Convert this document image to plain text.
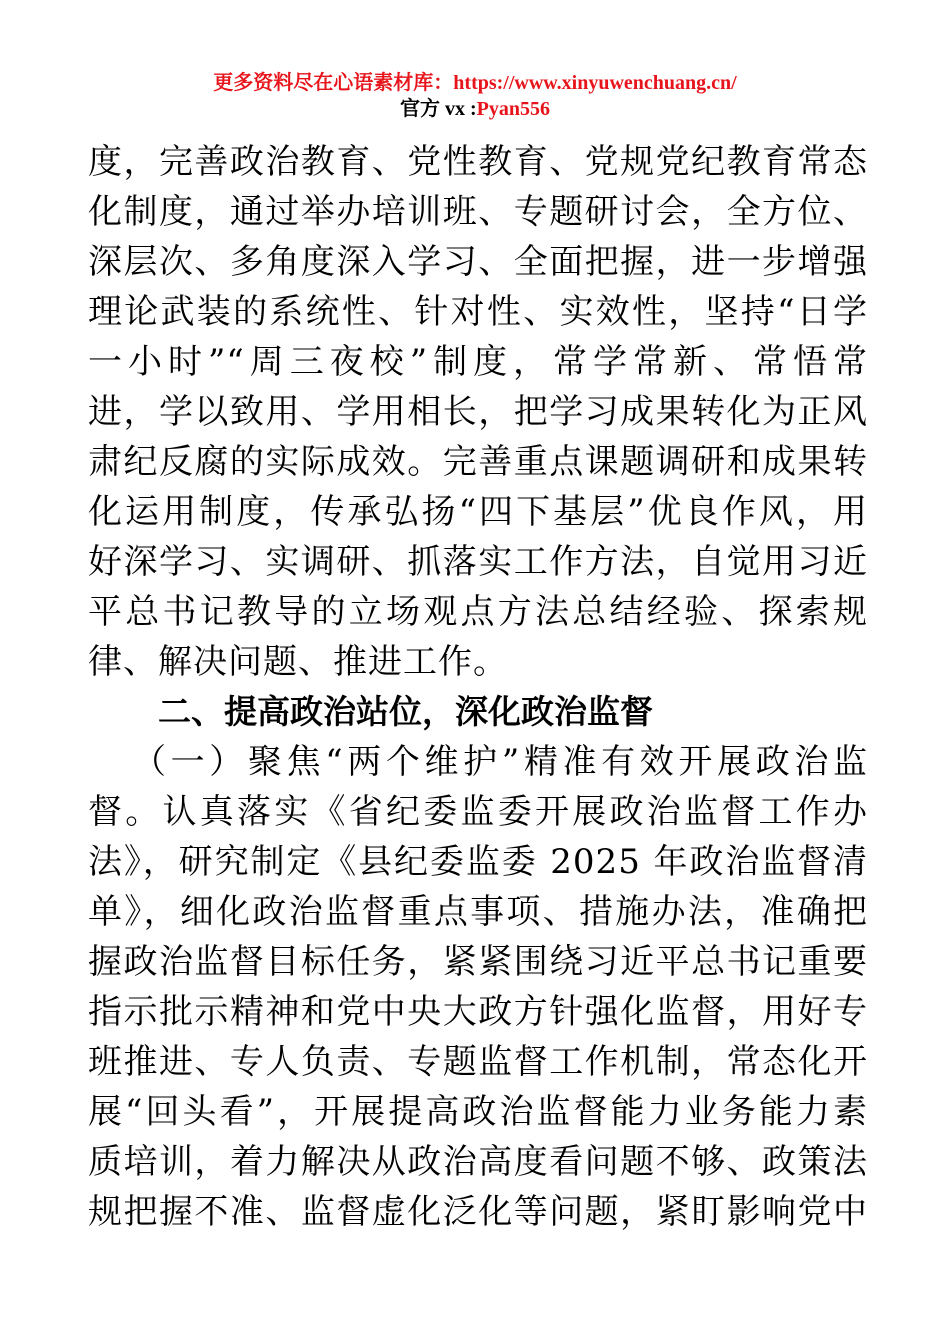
更多资料尽在心语素材库：https://www.xinyuwenchuang.cn/
官方 vx :Pyan556
度，完善政治教育、党性教育、党规党纪教育常态
化制度，通过举办培训班、专题研讨会，全方位、
深层次、多角度深入学习、全面把握，进一步增强
理论武装的系统性、针对性、实效性，坚持“日学
一小时”“周三夜校”制度，常学常新、常悟常
进，学以致用、学用相长，把学习成果转化为正风
肃纪反腐的实际成效。完善重点课题调研和成果转
化运用制度，传承弘扬“四下基层”优良作风，用
好深学习、实调研、抓落实工作方法，自觉用习近
平总书记教导的立场观点方法总结经验、探索规
律、解决问题、推进工作。
二、提高政治站位，深化政治监督
（一）聚焦“两个维护”精准有效开展政治监
督。认真落实《省纪委监委开展政治监督工作办
法》，研究制定《县纪委监委 2025 年政治监督清
单》，细化政治监督重点事项、措施办法，准确把
握政治监督目标任务，紧紧围绕习近平总书记重要
指示批示精神和党中央大政方针强化监督，用好专
班推进、专人负责、专题监督工作机制，常态化开
展“回头看”，开展提高政治监督能力业务能力素
质培训，着力解决从政治高度看问题不够、政策法
规把握不准、监督虚化泛化等问题，紧盯影响党中
